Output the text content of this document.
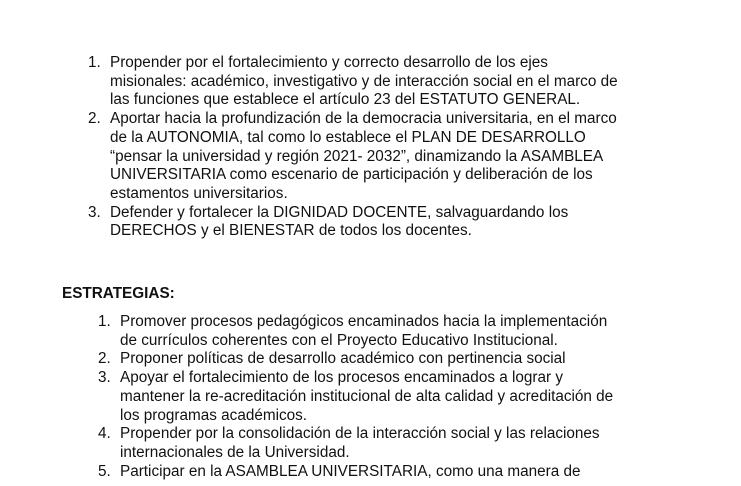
1. Propender por el fortalecimiento y correcto desarrollo de los ejes
misionales: académico, investigativo y de interacción social en el marco de
las funciones que establece el artículo 23 del ESTATUTO GENERAL.
2. Aportar hacia la profundización de la democracia universitaria, en el marco
de la AUTONOMIA, tal como lo establece el PLAN DE DESARROLLO
“pensar la universidad y región 2021- 2032”, dinamizando la ASAMBLEA
UNIVERSITARIA como escenario de participación y deliberación de los
estamentos universitarios.
3. Defender y fortalecer la DIGNIDAD DOCENTE, salvaguardando los
DERECHOS y el BIENESTAR de todos los docentes.
ESTRATEGIAS:
1. Promover procesos pedagógicos encaminados hacia la implementación
de currículos coherentes con el Proyecto Educativo Institucional.
2. Proponer políticas de desarrollo académico con pertinencia social
3. Apoyar el fortalecimiento de los procesos encaminados a lograr y
mantener la re-acreditación institucional de alta calidad y acreditación de
los programas académicos.
4. Propender por la consolidación de la interacción social y las relaciones
internacionales de la Universidad.
5. Participar en la ASAMBLEA UNIVERSITARIA, como una manera de
